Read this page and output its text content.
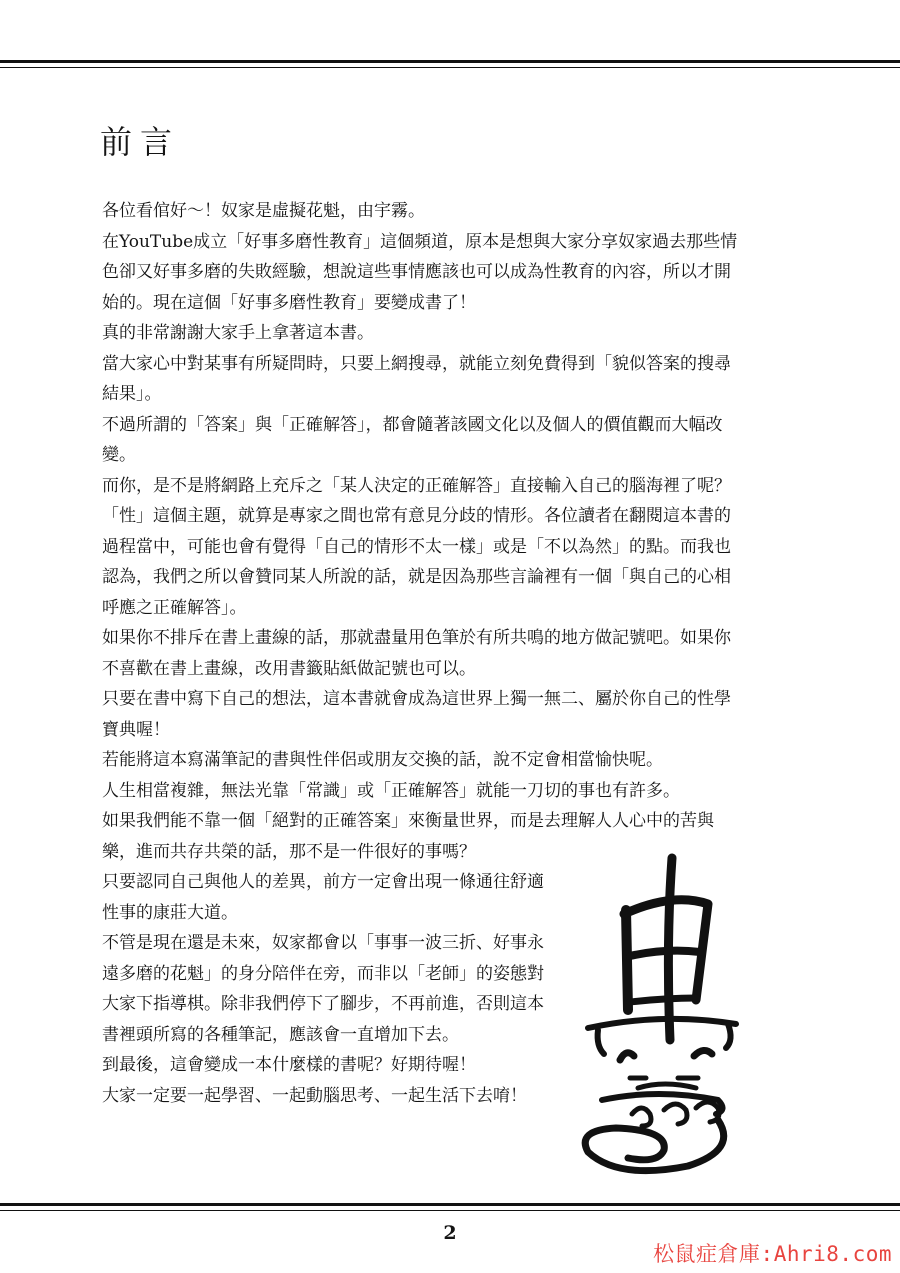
前言

各位看倌好～！奴家是虛擬花魁，由宇霧。

在YouTube成立「好事多磨性教育」這個頻道，原本是想與大家分享奴家過去那些情色卻又好事多磨的失敗經驗，想說這些事情應該也可以成為性教育的內容，所以才開始的。現在這個「好事多磨性教育」要變成書了！

真的非常謝謝大家手上拿著這本書。

當大家心中對某事有所疑問時，只要上網搜尋，就能立刻免費得到「貌似答案的搜尋結果」。

不過所謂的「答案」與「正確解答」，都會隨著該國文化以及個人的價值觀而大幅改變。

而你，是不是將網路上充斥之「某人決定的正確解答」直接輸入自己的腦海裡了呢？

「性」這個主題，就算是專家之間也常有意見分歧的情形。各位讀者在翻閱這本書的過程當中，可能也會有覺得「自己的情形不太一樣」或是「不以為然」的點。而我也認為，我們之所以會贊同某人所說的話，就是因為那些言論裡有一個「與自己的心相呼應之正確解答」。

如果你不排斥在書上畫線的話，那就盡量用色筆於有所共鳴的地方做記號吧。如果你不喜歡在書上畫線，改用書籤貼紙做記號也可以。

只要在書中寫下自己的想法，這本書就會成為這世界上獨一無二、屬於你自己的性學寶典喔！

若能將這本寫滿筆記的書與性伴侶或朋友交換的話，說不定會相當愉快呢。

人生相當複雜，無法光靠「常識」或「正確解答」就能一刀切的事也有許多。

如果我們能不靠一個「絕對的正確答案」來衡量世界，而是去理解人人心中的苦與樂，進而共存共榮的話，那不是一件很好的事嗎？

只要認同自己與他人的差異，前方一定會出現一條通往舒適性事的康莊大道。

不管是現在還是未來，奴家都會以「事事一波三折、好事永遠多磨的花魁」的身分陪伴在旁，而非以「老師」的姿態對大家下指導棋。除非我們停下了腳步，不再前進，否則這本書裡頭所寫的各種筆記，應該會一直增加下去。

到最後，這會變成一本什麼樣的書呢？好期待喔！

大家一定要一起學習、一起動腦思考、一起生活下去唷！

2
松鼠症倉庫:Ahri8.com
